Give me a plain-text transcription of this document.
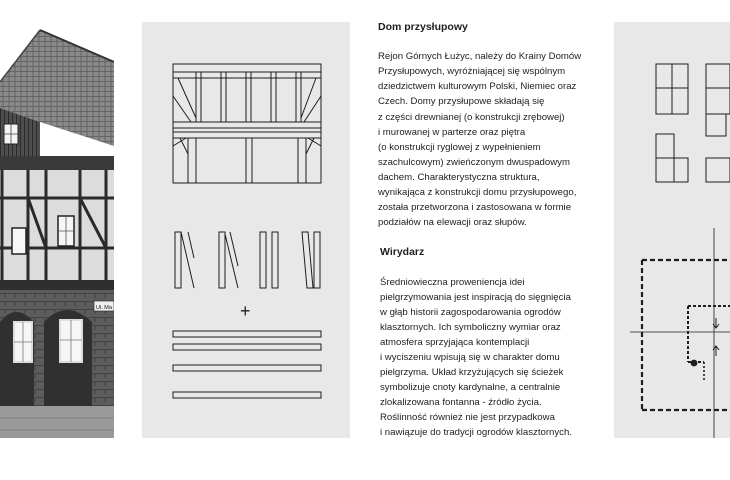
Ul. Ma	+

Dom przysłupowy

Rejon Górnych Łużyc, należy do Krainy Domów

Przysłupowych, wyróżniającej się wspólnym

dziedzictwem kulturowym Polski, Niemiec oraz

Czech. Domy przysłupowe składają się

z części drewnianej (o konstrukcji zrębowej)

i murowanej w parterze oraz piętra

(o konstrukcji ryglowej z wypełnieniem

szachulcowym) zwieńczonym dwuspadowym

dachem. Charakterystyczna struktura,

wynikająca z konstrukcji domu przysłupowego,

została przetworzona i zastosowana w formie

podziałów na elewacji oraz słupów.

Wirydarz

Średniowieczna proweniencja idei

pielgrzymowania jest inspiracją do sięgnięcia

w głąb historii zagospodarowania ogrodów

klasztornych. Ich symboliczny wymiar oraz

atmosfera sprzyjająca kontemplacji

i wyciszeniu wpisują się w charakter domu

pielgrzyma. Układ krzyżujących się ścieżek

symbolizuje cnoty kardynalne, a centralnie

zlokalizowana fontanna - źródło życia.

Roślinność również nie jest przypadkowa

i nawiązuje do tradycji ogrodów klasztornych.
